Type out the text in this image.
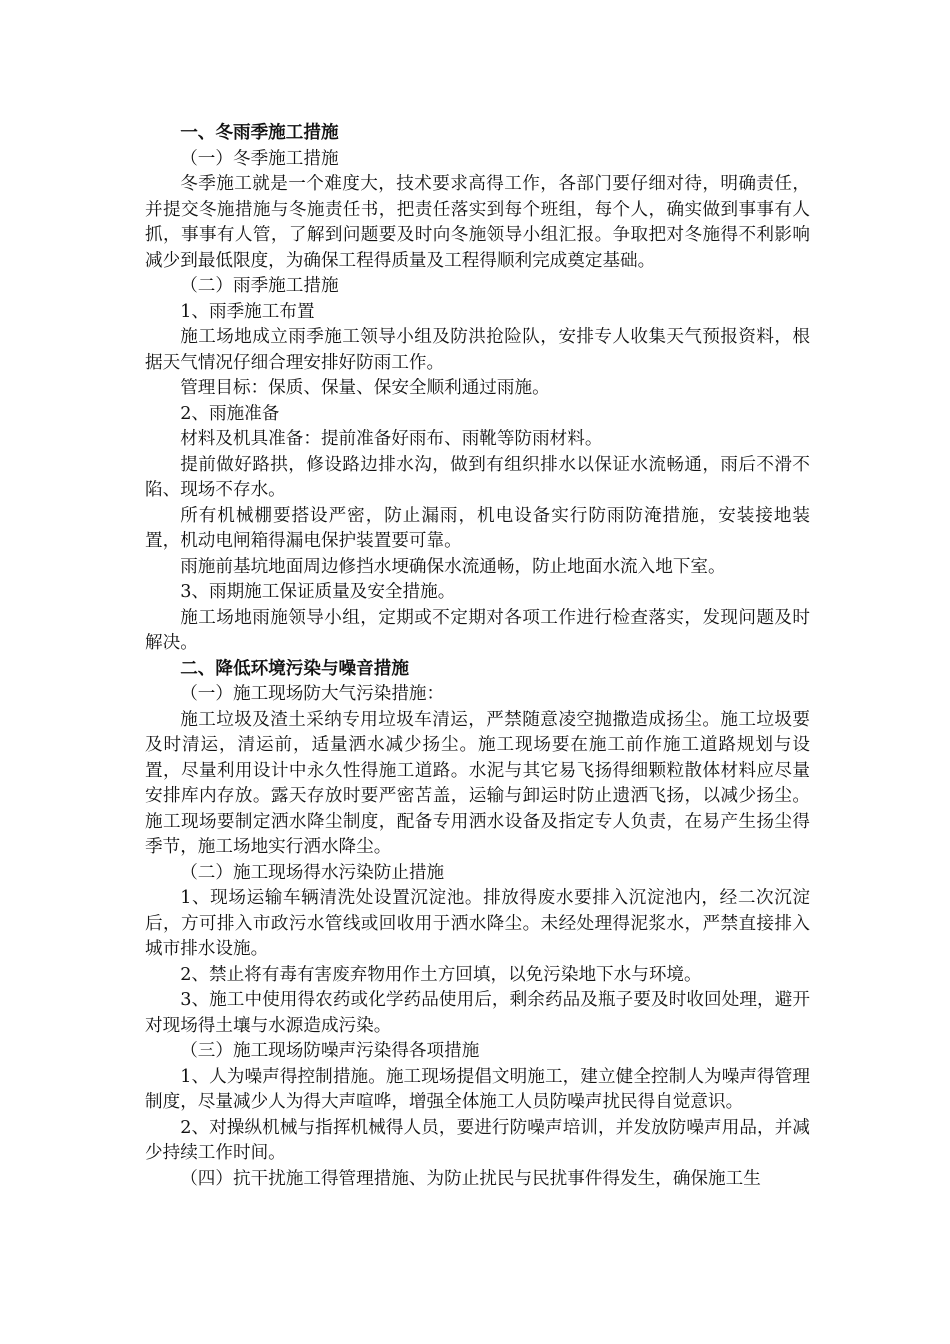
一、冬雨季施工措施

（一）冬季施工措施

冬季施工就是一个难度大，技术要求高得工作，各部门要仔细对待，明确责任，并提交冬施措施与冬施责任书，把责任落实到每个班组，每个人，确实做到事事有人抓，事事有人管，了解到问题要及时向冬施领导小组汇报。争取把对冬施得不利影响减少到最低限度，为确保工程得质量及工程得顺利完成奠定基础。

（二）雨季施工措施

1、雨季施工布置

施工场地成立雨季施工领导小组及防洪抢险队，安排专人收集天气预报资料，根据天气情况仔细合理安排好防雨工作。

管理目标：保质、保量、保安全顺利通过雨施。

2、雨施准备

材料及机具准备：提前准备好雨布、雨靴等防雨材料。

提前做好路拱，修设路边排水沟，做到有组织排水以保证水流畅通，雨后不滑不陷、现场不存水。

所有机械棚要搭设严密，防止漏雨，机电设备实行防雨防淹措施，安装接地装置，机动电闸箱得漏电保护装置要可靠。

雨施前基坑地面周边修挡水埂确保水流通畅，防止地面水流入地下室。

3、雨期施工保证质量及安全措施。

施工场地雨施领导小组，定期或不定期对各项工作进行检查落实，发现问题及时解决。

二、降低环境污染与噪音措施

（一）施工现场防大气污染措施：

施工垃圾及渣土采纳专用垃圾车清运，严禁随意凌空抛撒造成扬尘。施工垃圾要及时清运，清运前，适量洒水减少扬尘。施工现场要在施工前作施工道路规划与设置，尽量利用设计中永久性得施工道路。水泥与其它易飞扬得细颗粒散体材料应尽量安排库内存放。露天存放时要严密苫盖，运输与卸运时防止遗洒飞扬，以减少扬尘。施工现场要制定洒水降尘制度，配备专用洒水设备及指定专人负责，在易产生扬尘得季节，施工场地实行洒水降尘。

（二）施工现场得水污染防止措施

1、现场运输车辆清洗处设置沉淀池。排放得废水要排入沉淀池内，经二次沉淀后，方可排入市政污水管线或回收用于洒水降尘。未经处理得泥浆水，严禁直接排入城市排水设施。

2、禁止将有毒有害废弃物用作土方回填，以免污染地下水与环境。

3、施工中使用得农药或化学药品使用后，剩余药品及瓶子要及时收回处理，避开对现场得土壤与水源造成污染。

（三）施工现场防噪声污染得各项措施

1、人为噪声得控制措施。施工现场提倡文明施工，建立健全控制人为噪声得管理制度，尽量减少人为得大声喧哗，增强全体施工人员防噪声扰民得自觉意识。

2、对操纵机械与指挥机械得人员，要进行防噪声培训，并发放防噪声用品，并减少持续工作时间。

（四）抗干扰施工得管理措施、为防止扰民与民扰事件得发生，确保施工生
